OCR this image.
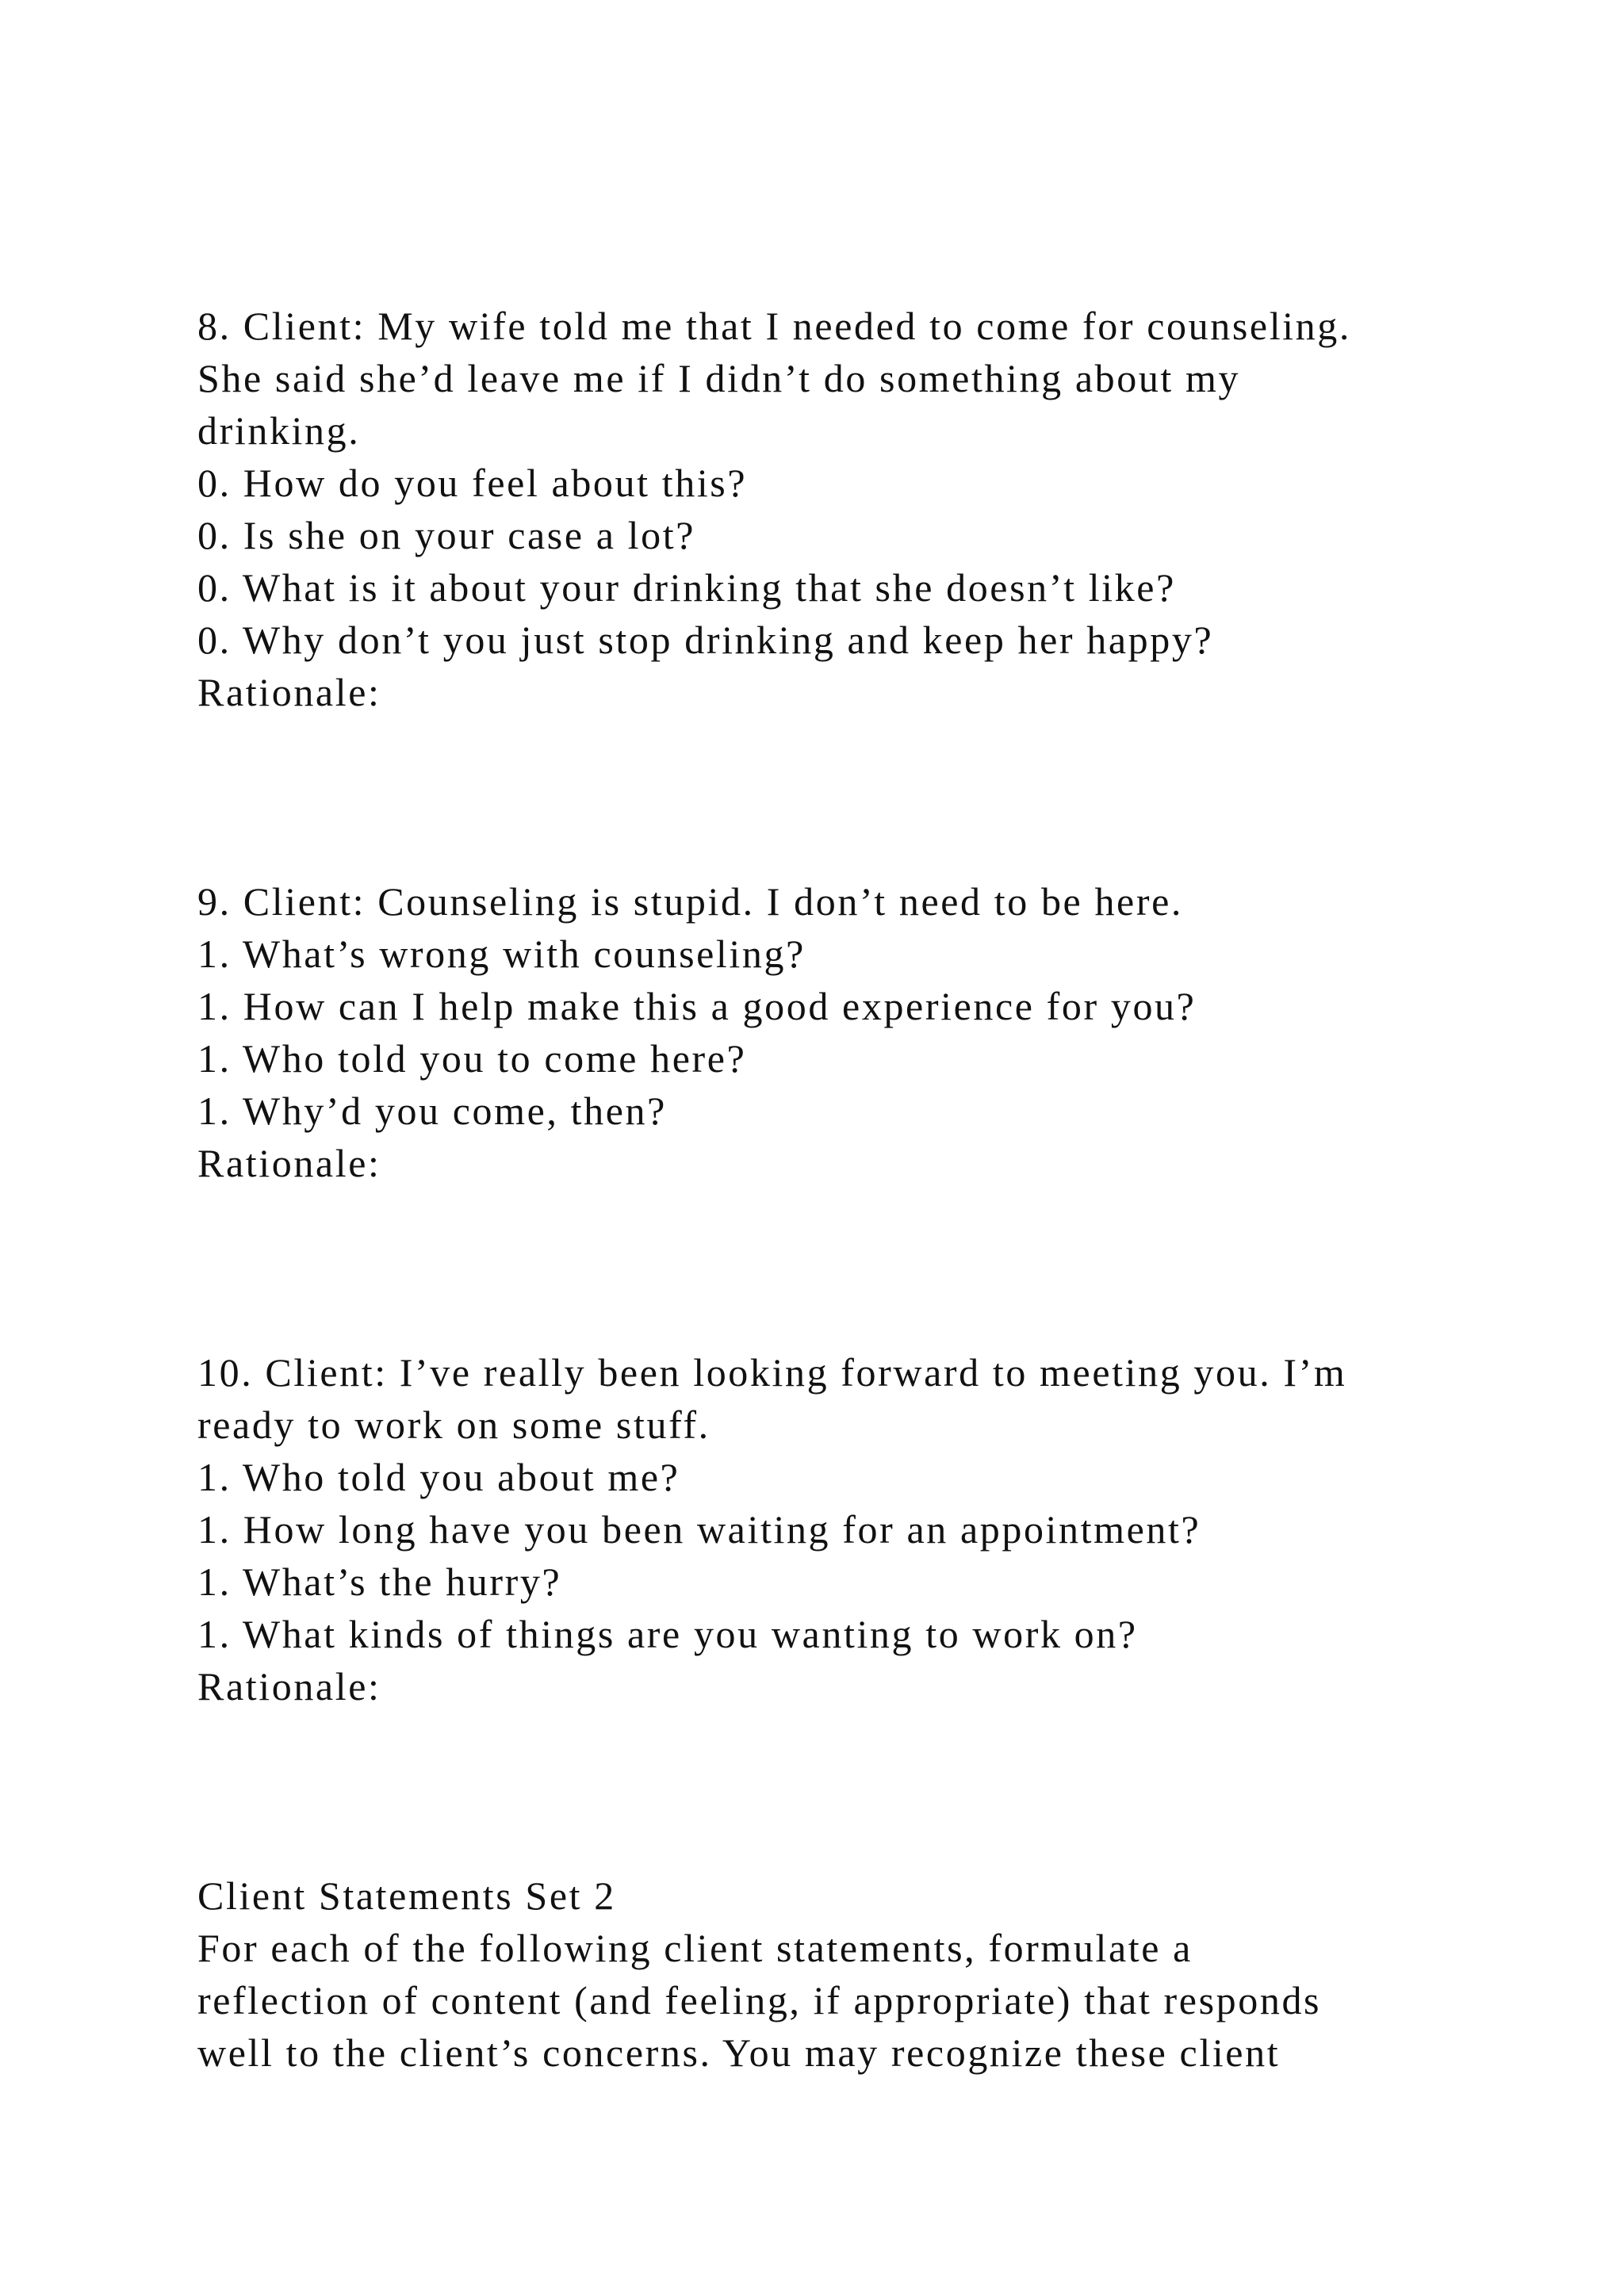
8. Client: My wife told me that I needed to come for counseling.

She said she’d leave me if I didn’t do something about my

drinking.

0. How do you feel about this?

0. Is she on your case a lot?

0. What is it about your drinking that she doesn’t like?

0. Why don’t you just stop drinking and keep her happy?

Rationale:

9. Client: Counseling is stupid. I don’t need to be here.

1. What’s wrong with counseling?

1. How can I help make this a good experience for you?

1. Who told you to come here?

1. Why’d you come, then?

Rationale:

10. Client: I’ve really been looking forward to meeting you. I’m

ready to work on some stuff.

1. Who told you about me?

1. How long have you been waiting for an appointment?

1. What’s the hurry?

1. What kinds of things are you wanting to work on?

Rationale:

Client Statements Set 2

For each of the following client statements, formulate a

reflection of content (and feeling, if appropriate) that responds

well to the client’s concerns. You may recognize these client
